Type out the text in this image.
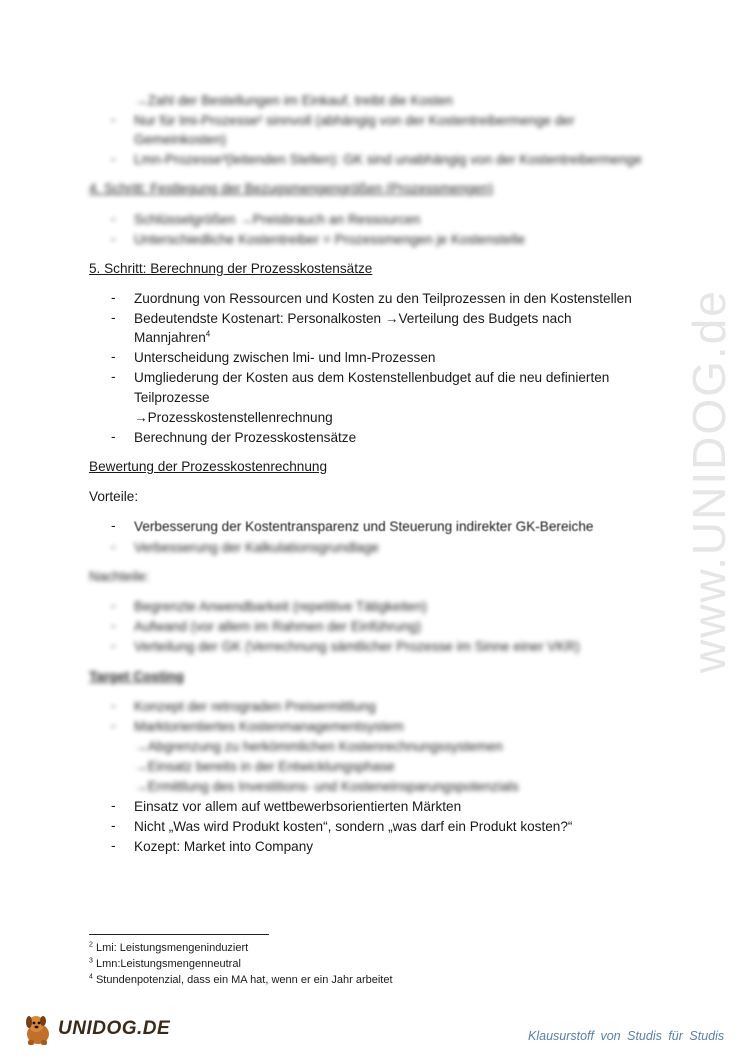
www.UNIDOG.de
→Zahl der Bestellungen im Einkauf, treibt die Kosten
- Nur für lmi-Prozesse² sinnvoll (abhängig von der Kostentreibermenge der
Gemeinkosten)
- Lmn-Prozesse³(leitenden Stellen): GK sind unabhängig von der Kostentreibermenge
4. Schritt: Festlegung der Bezugsmengengrößen (Prozessmengen)
- Schlüsselgrößen →Preisbrauch an Ressourcen
- Unterschiedliche Kostentreiber = Prozessmengen je Kostenstelle
5. Schritt: Berechnung der Prozesskostensätze
- Zuordnung von Ressourcen und Kosten zu den Teilprozessen in den Kostenstellen
- Bedeutendste Kostenart: Personalkosten →Verteilung des Budgets nach
Mannjahren$^4$
- Unterscheidung zwischen lmi- und lmn-Prozessen
- Umgliederung der Kosten aus dem Kostenstellenbudget auf die neu definierten
Teilprozesse
→Prozesskostenstellenrechnung
- Berechnung der Prozesskostensätze
Bewertung der Prozesskostenrechnung
Vorteile:
- Verbesserung der Kostentransparenz und Steuerung indirekter GK-Bereiche
- Verbesserung der Kalkulationsgrundlage
Nachteile:
- Begrenzte Anwendbarkeit (repetitive Tätigkeiten)
- Aufwand (vor allem im Rahmen der Einführung)
- Verteilung der GK (Verrechnung sämtlicher Prozesse im Sinne einer VKR)
Target Costing
- Konzept der retrograden Preisermittlung
- Marktorientiertes Kostenmanagementsystem
→Abgrenzung zu herkömmlichen Kostenrechnungssystemen
→Einsatz bereits in der Entwicklungsphase
→Ermittlung des Investitions- und Kosteneinsparungspotenzials
- Einsatz vor allem auf wettbewerbsorientierten Märkten
- Nicht „Was wird Produkt kosten“, sondern „was darf ein Produkt kosten?“
- Kozept: Market into Company
$^2$ Lmi: Leistungsmengeninduziert
$^3$ Lmn:Leistungsmengenneutral
$^4$ Stundenpotenzial, dass ein MA hat, wenn er ein Jahr arbeitet
UNIDOG.DE	Klausurstoff von Studis für Studis
